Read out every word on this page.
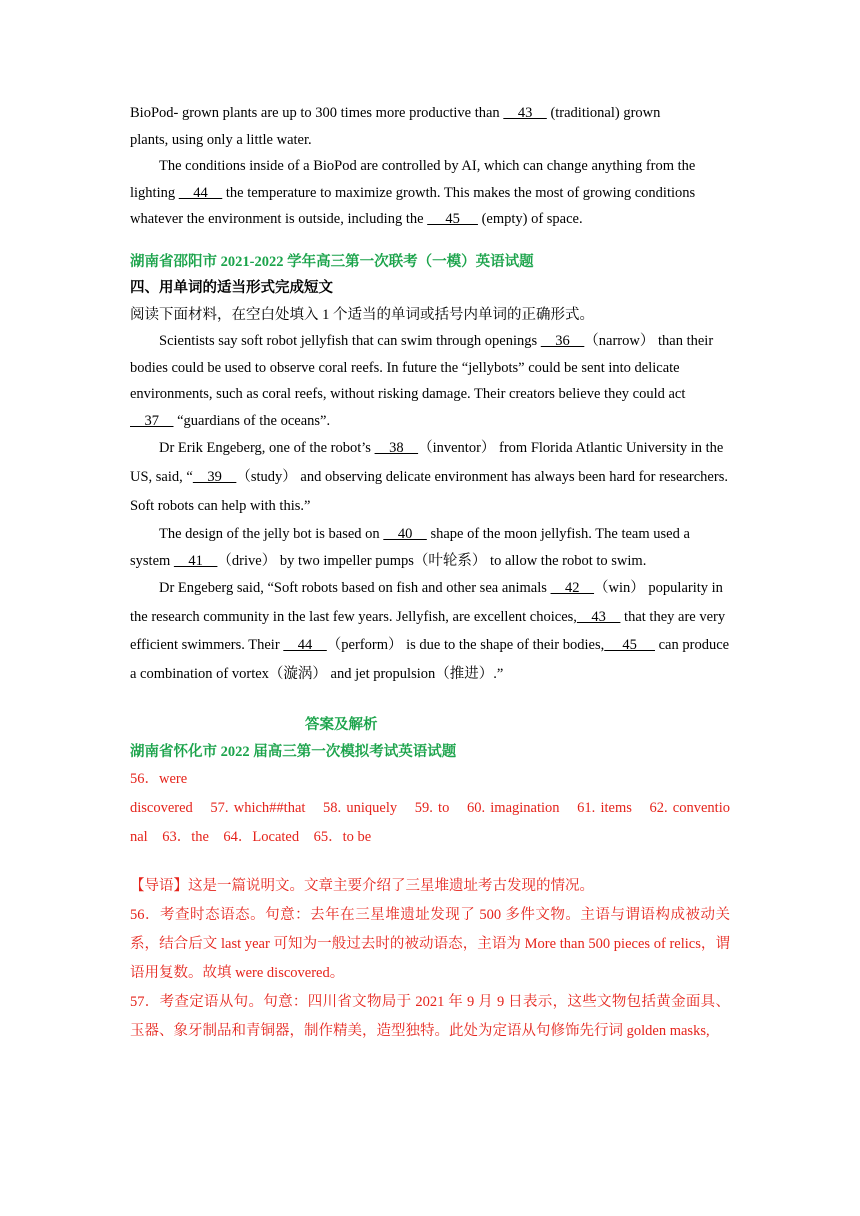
BioPod- grown plants are up to 300 times more productive than     43     (traditional) grown

plants, using only a little water.

The conditions inside of a BioPod are controlled by AI, which can change anything from the lighting     44     the temperature to maximize growth. This makes the most of growing conditions whatever the environment is outside, including the      45      (empty) of space.

湖南省邵阳市 2021-2022 学年高三第一次联考（一模）英语试题

四、用单词的适当形式完成短文

阅读下面材料，在空白处填入 1 个适当的单词或括号内单词的正确形式。

Scientists say soft robot jellyfish that can swim through openings     36    （narrow） than their bodies could be used to observe coral reefs. In future the “jellybots” could be sent into delicate environments, such as coral reefs, without risking damage. Their creators believe they could act     37     “guardians of the oceans”.

Dr Erik Engeberg, one of the robot’s     38    （inventor） from Florida Atlantic University in the US, said, “    39    （study） and observing delicate environment has always been hard for researchers. Soft robots can help with this.”

The design of the jelly bot is based on     40     shape of the moon jellyfish. The team used a system     41    （drive） by two impeller pumps（叶轮系） to allow the robot to swim.

Dr Engeberg said, “Soft robots based on fish and other sea animals     42    （win） popularity in the research community in the last few years. Jellyfish, are excellent choices,    43     that they are very efficient swimmers. Their     44    （perform） is due to the shape of their bodies,     45      can produce a combination of vortex（漩涡） and jet propulsion（推进）.”

答案及解析

湖南省怀化市 2022 届高三第一次模拟考试英语试题

56．were

discovered　57. which##that　58. uniquely　59. to　60. imagination　61. items　62. conventio

nal　63．the　64．Located　65．to be

【导语】这是一篇说明文。文章主要介绍了三星堆遗址考古发现的情况。

56．考查时态语态。句意：去年在三星堆遗址发现了 500 多件文物。主语与谓语构成被动关系，结合后文 last year 可知为一般过去时的被动语态，主语为 More than 500 pieces of relics，谓语用复数。故填 were discovered。

57．考查定语从句。句意：四川省文物局于 2021 年 9 月 9 日表示，这些文物包括黄金面具、玉器、象牙制品和青铜器，制作精美，造型独特。此处为定语从句修饰先行词 golden masks,
